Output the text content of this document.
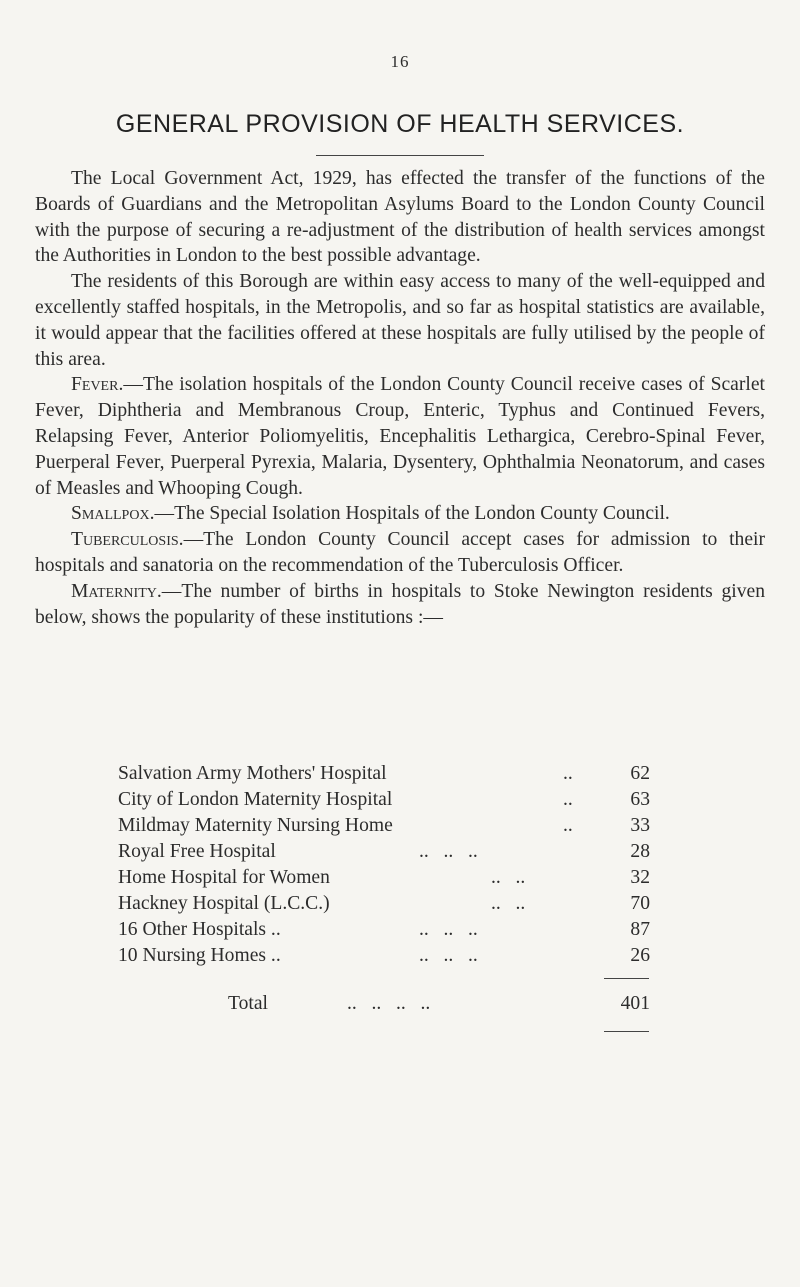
16
GENERAL PROVISION OF HEALTH SERVICES.

The Local Government Act, 1929, has effected the transfer of the functions of the Boards of Guardians and the Metropolitan Asylums Board to the London County Council with the purpose of securing a re-adjustment of the distribution of health services amongst the Authorities in London to the best possible advantage.

The residents of this Borough are within easy access to many of the well-equipped and excellently staffed hospitals, in the Metropolis, and so far as hospital statistics are available, it would appear that the facilities offered at these hospitals are fully utilised by the people of this area.

Fever.—The isolation hospitals of the London County Council receive cases of Scarlet Fever, Diphtheria and Membranous Croup, Enteric, Typhus and Continued Fevers, Relapsing Fever, Anterior Poliomyelitis, Encephalitis Lethargica, Cerebro-Spinal Fever, Puerperal Fever, Puerperal Pyrexia, Malaria, Dysentery, Ophthalmia Neonatorum, and cases of Measles and Whooping Cough.

Smallpox.—The Special Isolation Hospitals of the London County Council.

Tuberculosis.—The London County Council accept cases for admission to their hospitals and sanatoria on the recommendation of the Tuberculosis Officer.

Maternity.—The number of births in hospitals to Stoke Newington residents given below, shows the popularity of these institutions :—

Salvation Army Mothers' Hospital	..	62
City of London Maternity Hospital	..	63
Mildmay Maternity Nursing Home	..	33
Royal Free Hospital	..   ..   ..	28
Home Hospital for Women	..   ..	32
Hackney Hospital (L.C.C.)	..   ..	70
16 Other Hospitals ..	..   ..   ..	87
10 Nursing Homes ..	..   ..   ..	26
Total	..   ..   ..   ..	401
